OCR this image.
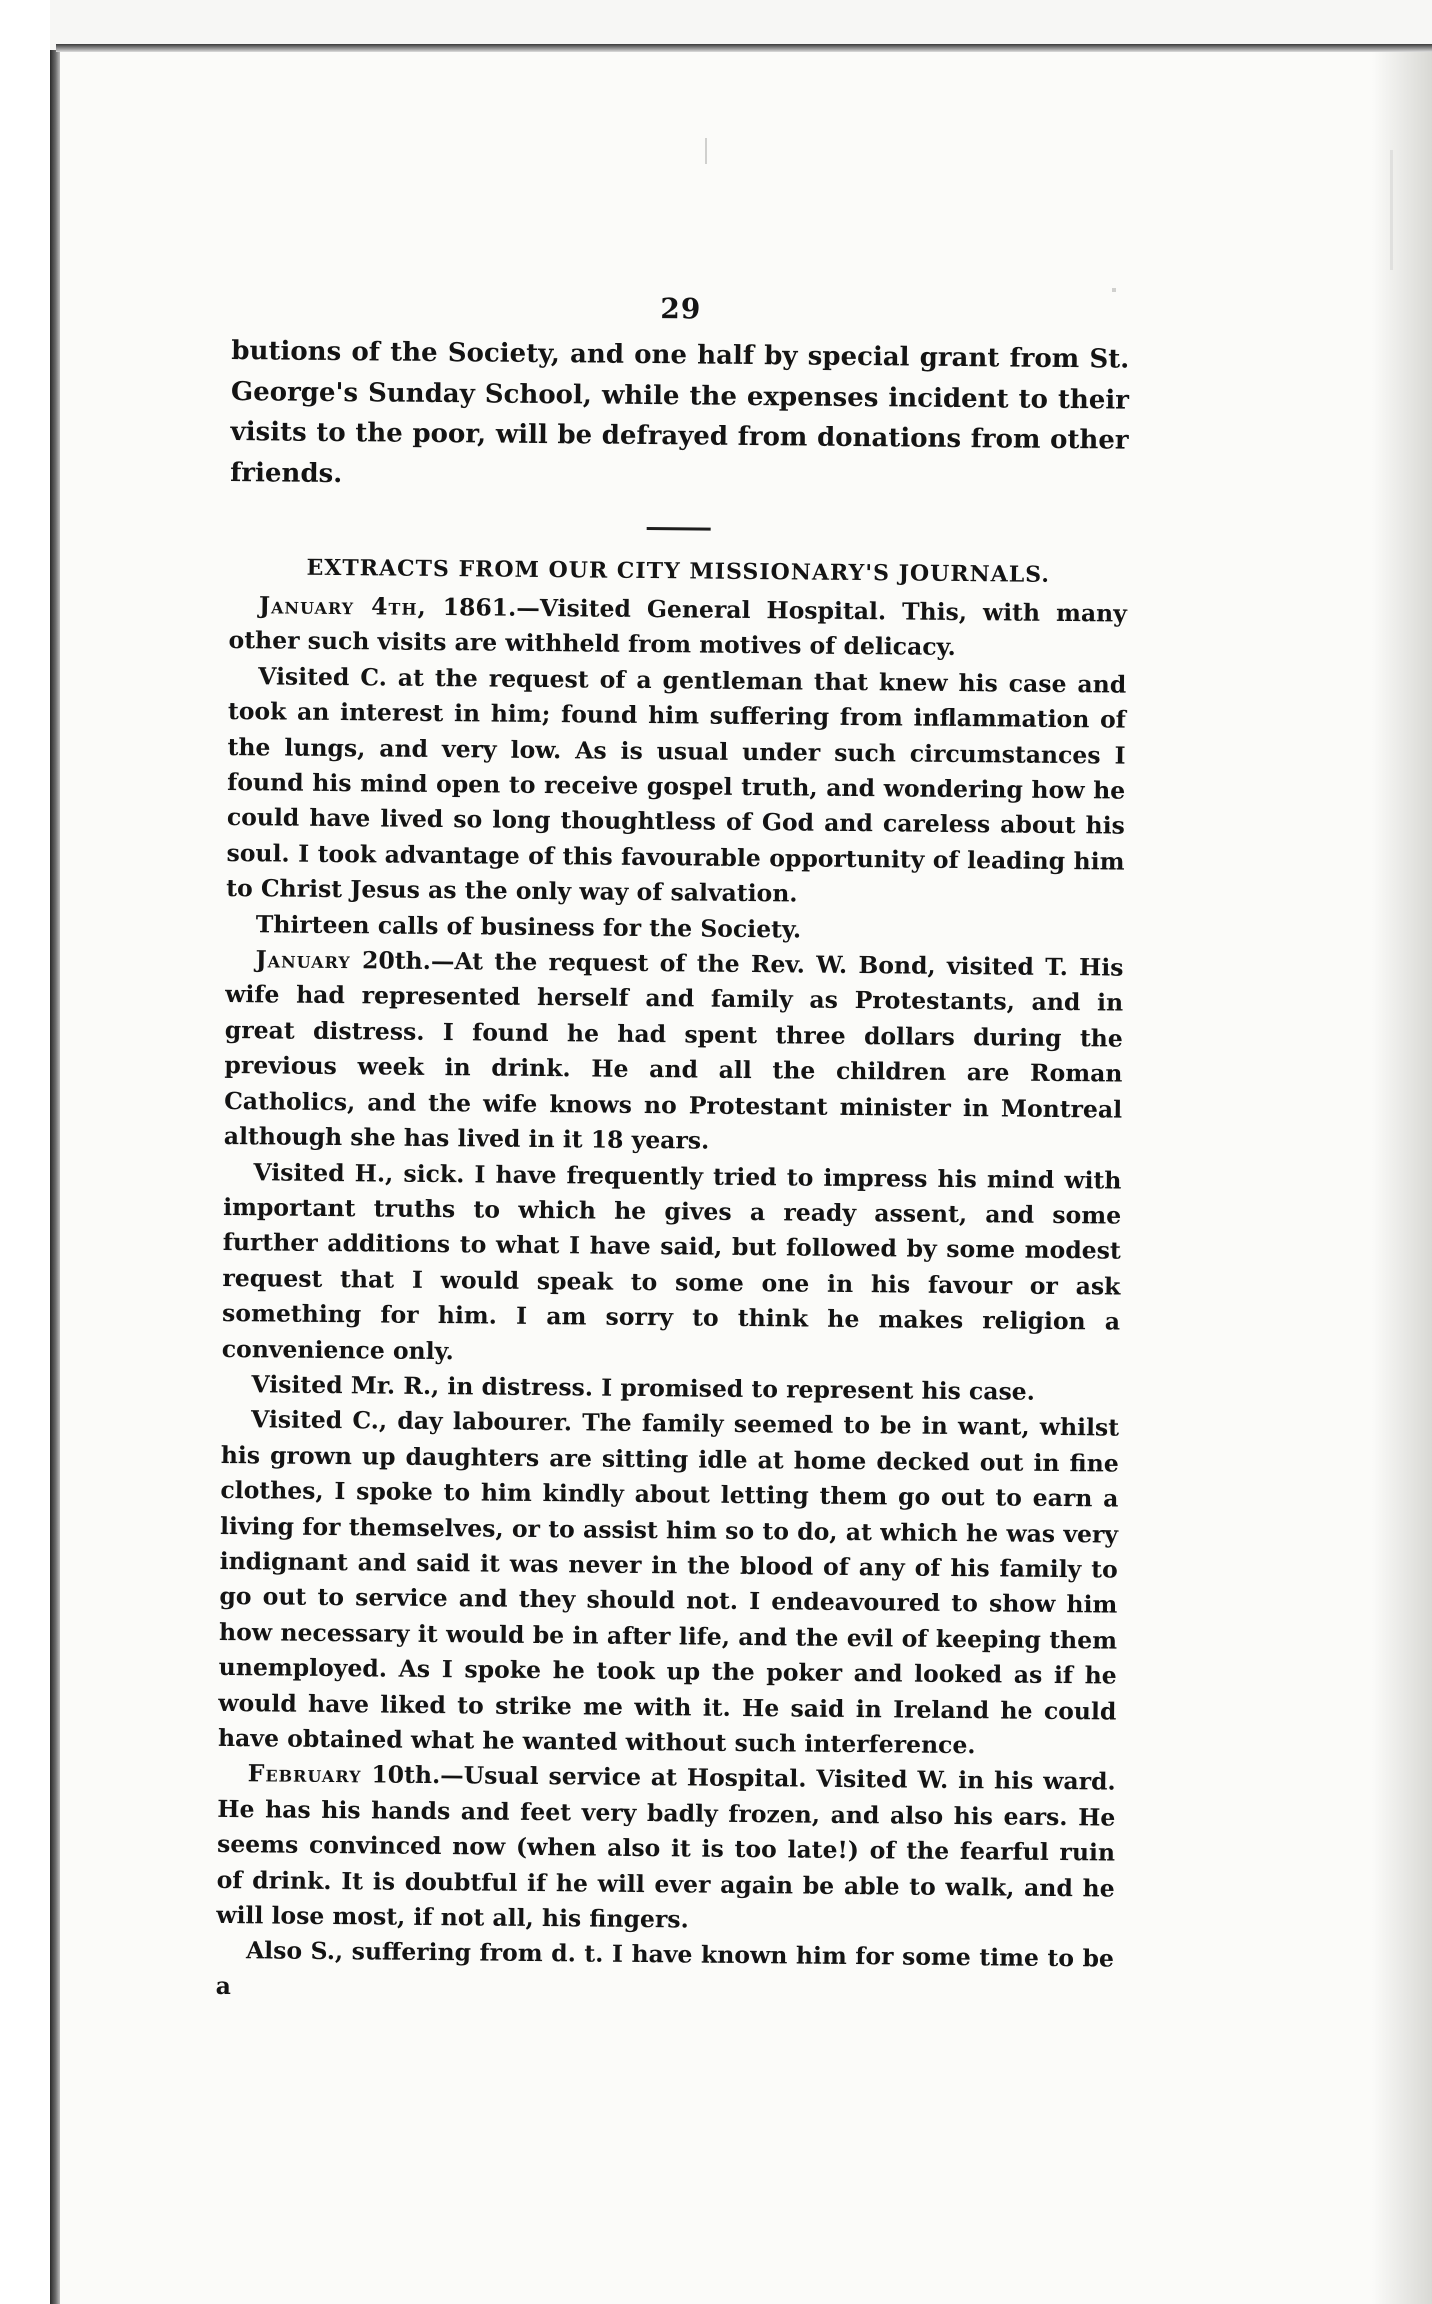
29

butions of the Society, and one half by special grant from St. George's Sunday School, while the expenses incident to their visits to the poor, will be defrayed from donations from other friends.

EXTRACTS FROM OUR CITY MISSIONARY'S JOURNALS.

January 4th, 1861.—Visited General Hospital. This, with many other such visits are withheld from motives of delicacy.

Visited C. at the request of a gentleman that knew his case and took an interest in him; found him suffering from inflammation of the lungs, and very low. As is usual under such circumstances I found his mind open to receive gospel truth, and wondering how he could have lived so long thoughtless of God and careless about his soul. I took advantage of this favourable opportunity of leading him to Christ Jesus as the only way of salvation.

Thirteen calls of business for the Society.

January 20th.—At the request of the Rev. W. Bond, visited T. His wife had represented herself and family as Protestants, and in great distress. I found he had spent three dollars during the previous week in drink. He and all the children are Roman Catholics, and the wife knows no Protestant minister in Montreal although she has lived in it 18 years.

Visited H., sick. I have frequently tried to impress his mind with important truths to which he gives a ready assent, and some further additions to what I have said, but followed by some modest request that I would speak to some one in his favour or ask something for him. I am sorry to think he makes religion a convenience only.

Visited Mr. R., in distress. I promised to represent his case.

Visited C., day labourer. The family seemed to be in want, whilst his grown up daughters are sitting idle at home decked out in fine clothes, I spoke to him kindly about letting them go out to earn a living for themselves, or to assist him so to do, at which he was very indignant and said it was never in the blood of any of his family to go out to service and they should not. I endeavoured to show him how necessary it would be in after life, and the evil of keeping them unemployed. As I spoke he took up the poker and looked as if he would have liked to strike me with it. He said in Ireland he could have obtained what he wanted without such interference.

February 10th.—Usual service at Hospital. Visited W. in his ward. He has his hands and feet very badly frozen, and also his ears. He seems convinced now (when also it is too late!) of the fearful ruin of drink. It is doubtful if he will ever again be able to walk, and he will lose most, if not all, his fingers.

Also S., suffering from d. t. I have known him for some time to be a
